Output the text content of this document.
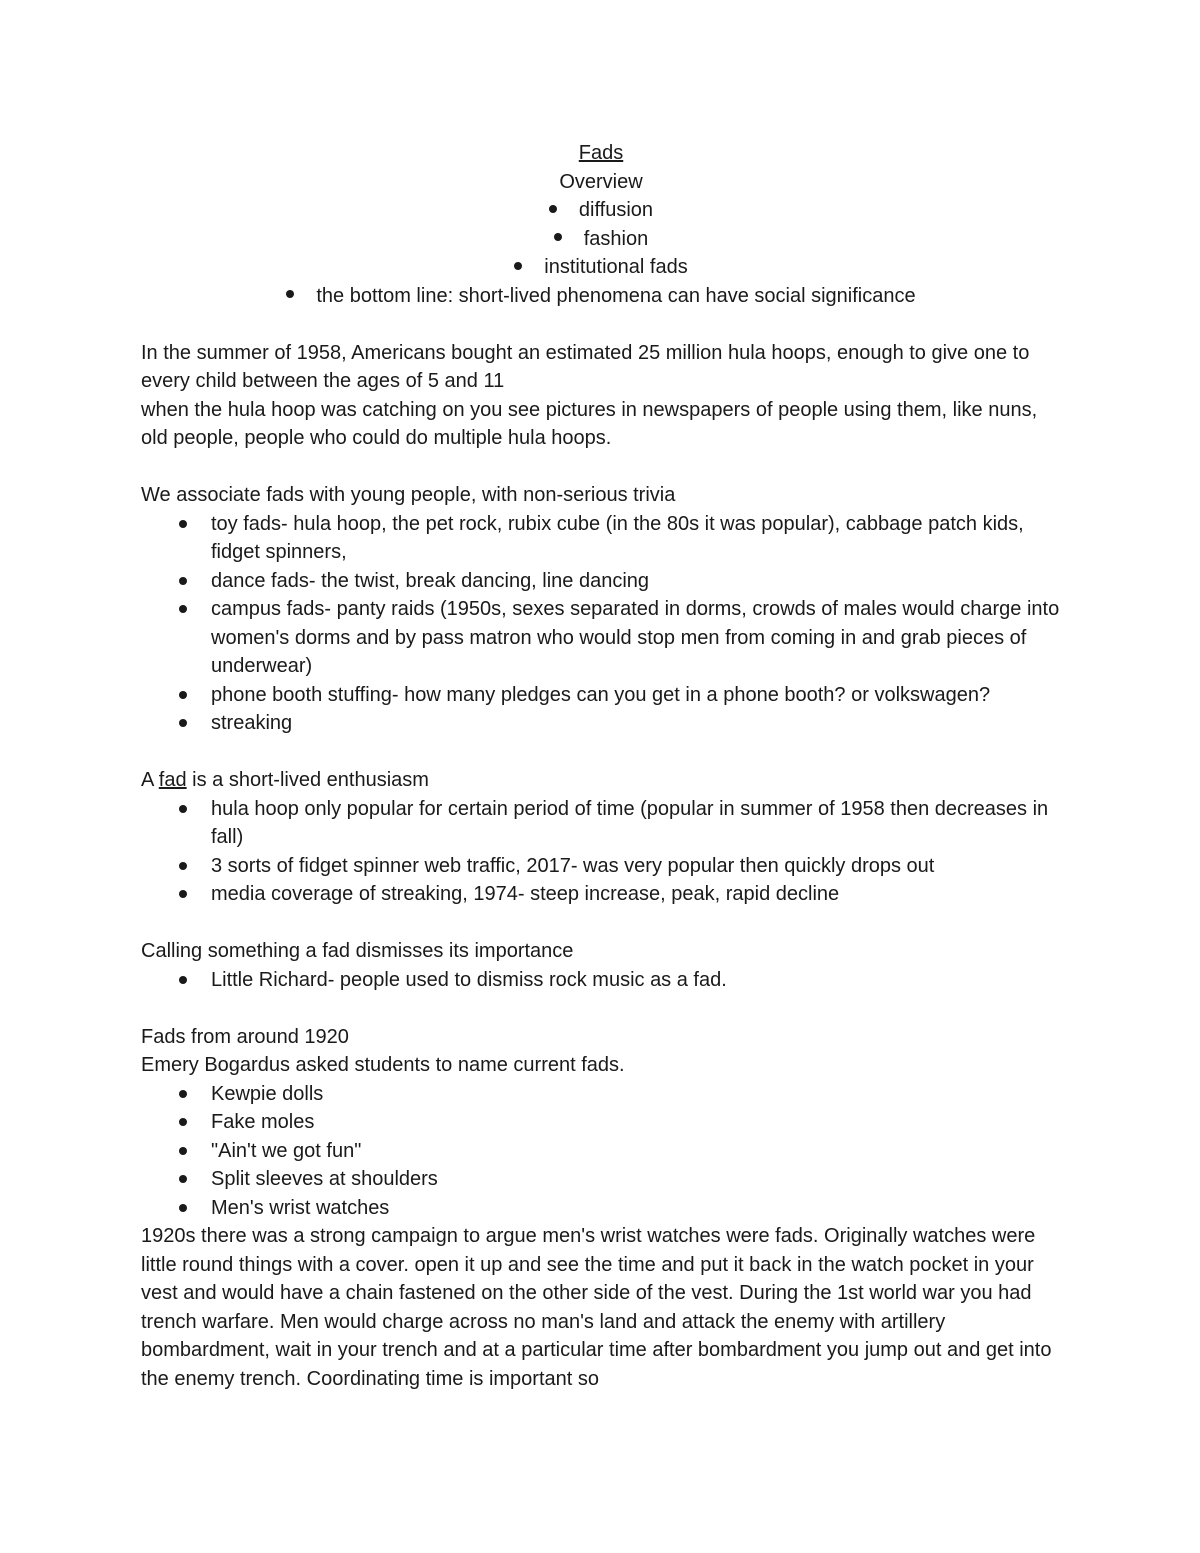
Fads
Overview
diffusion
fashion
institutional fads
the bottom line: short-lived phenomena can have social significance

In the summer of 1958, Americans bought an estimated 25 million hula hoops, enough to give one to every child between the ages of 5 and 11

when the hula hoop was catching on you see pictures in newspapers of people using them, like nuns, old people, people who could do multiple hula hoops.

We associate fads with young people, with non-serious trivia

toy fads- hula hoop, the pet rock, rubix cube (in the 80s it was popular), cabbage patch kids, fidget spinners,
dance fads- the twist, break dancing, line dancing
campus fads- panty raids (1950s, sexes separated in dorms, crowds of males would charge into women's dorms and by pass matron who would stop men from coming in and grab pieces of underwear)
phone booth stuffing- how many pledges can you get in a phone booth? or volkswagen?
streaking

A fad is a short-lived enthusiasm

hula hoop only popular for certain period of time (popular in summer of 1958 then decreases in fall)
3 sorts of fidget spinner web traffic, 2017- was very popular then quickly drops out
media coverage of streaking, 1974- steep increase, peak, rapid decline

Calling something a fad dismisses its importance

Little Richard- people used to dismiss rock music as a fad.

Fads from around 1920

Emery Bogardus asked students to name current fads.

Kewpie dolls
Fake moles
"Ain't we got fun"
Split sleeves at shoulders
Men's wrist watches

1920s there was a strong campaign to argue men's wrist watches were fads. Originally watches were little round things with a cover. open it up and see the time and put it back in the watch pocket in your vest and would have a chain fastened on the other side of the vest. During the 1st world war you had trench warfare. Men would charge across no man's land and attack the enemy with artillery bombardment, wait in your trench and at a particular time after bombardment you jump out and get into the enemy trench. Coordinating time is important so
